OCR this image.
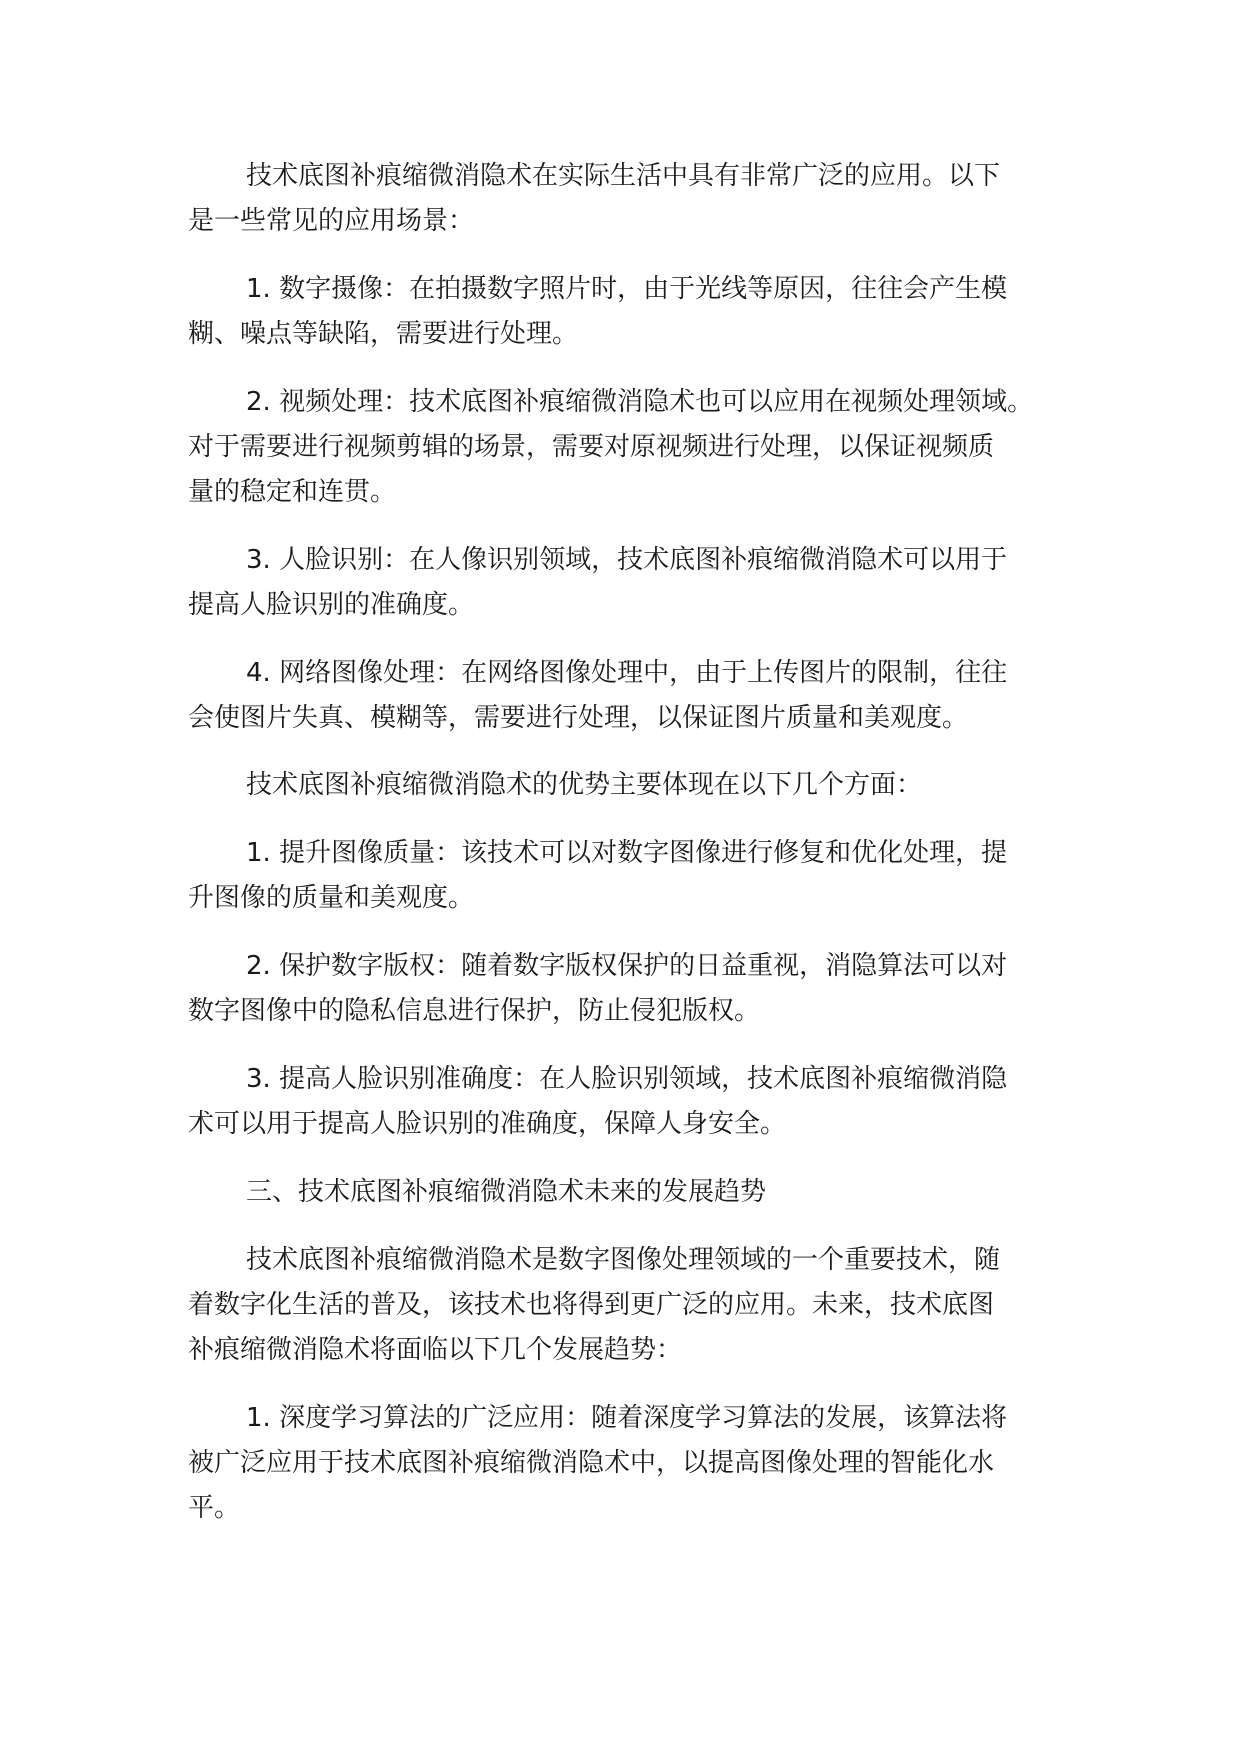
技术底图补痕缩微消隐术在实际生活中具有非常广泛的应用。以下
是一些常见的应用场景：
1. 数字摄像：在拍摄数字照片时，由于光线等原因，往往会产生模
糊、噪点等缺陷，需要进行处理。
2. 视频处理：技术底图补痕缩微消隐术也可以应用在视频处理领域。
对于需要进行视频剪辑的场景，需要对原视频进行处理，以保证视频质
量的稳定和连贯。
3. 人脸识别：在人像识别领域，技术底图补痕缩微消隐术可以用于
提高人脸识别的准确度。
4. 网络图像处理：在网络图像处理中，由于上传图片的限制，往往
会使图片失真、模糊等，需要进行处理，以保证图片质量和美观度。
技术底图补痕缩微消隐术的优势主要体现在以下几个方面：
1. 提升图像质量：该技术可以对数字图像进行修复和优化处理，提
升图像的质量和美观度。
2. 保护数字版权：随着数字版权保护的日益重视，消隐算法可以对
数字图像中的隐私信息进行保护，防止侵犯版权。
3. 提高人脸识别准确度：在人脸识别领域，技术底图补痕缩微消隐
术可以用于提高人脸识别的准确度，保障人身安全。
三、技术底图补痕缩微消隐术未来的发展趋势
技术底图补痕缩微消隐术是数字图像处理领域的一个重要技术，随
着数字化生活的普及，该技术也将得到更广泛的应用。未来，技术底图
补痕缩微消隐术将面临以下几个发展趋势：
1. 深度学习算法的广泛应用：随着深度学习算法的发展，该算法将
被广泛应用于技术底图补痕缩微消隐术中，以提高图像处理的智能化水
平。
